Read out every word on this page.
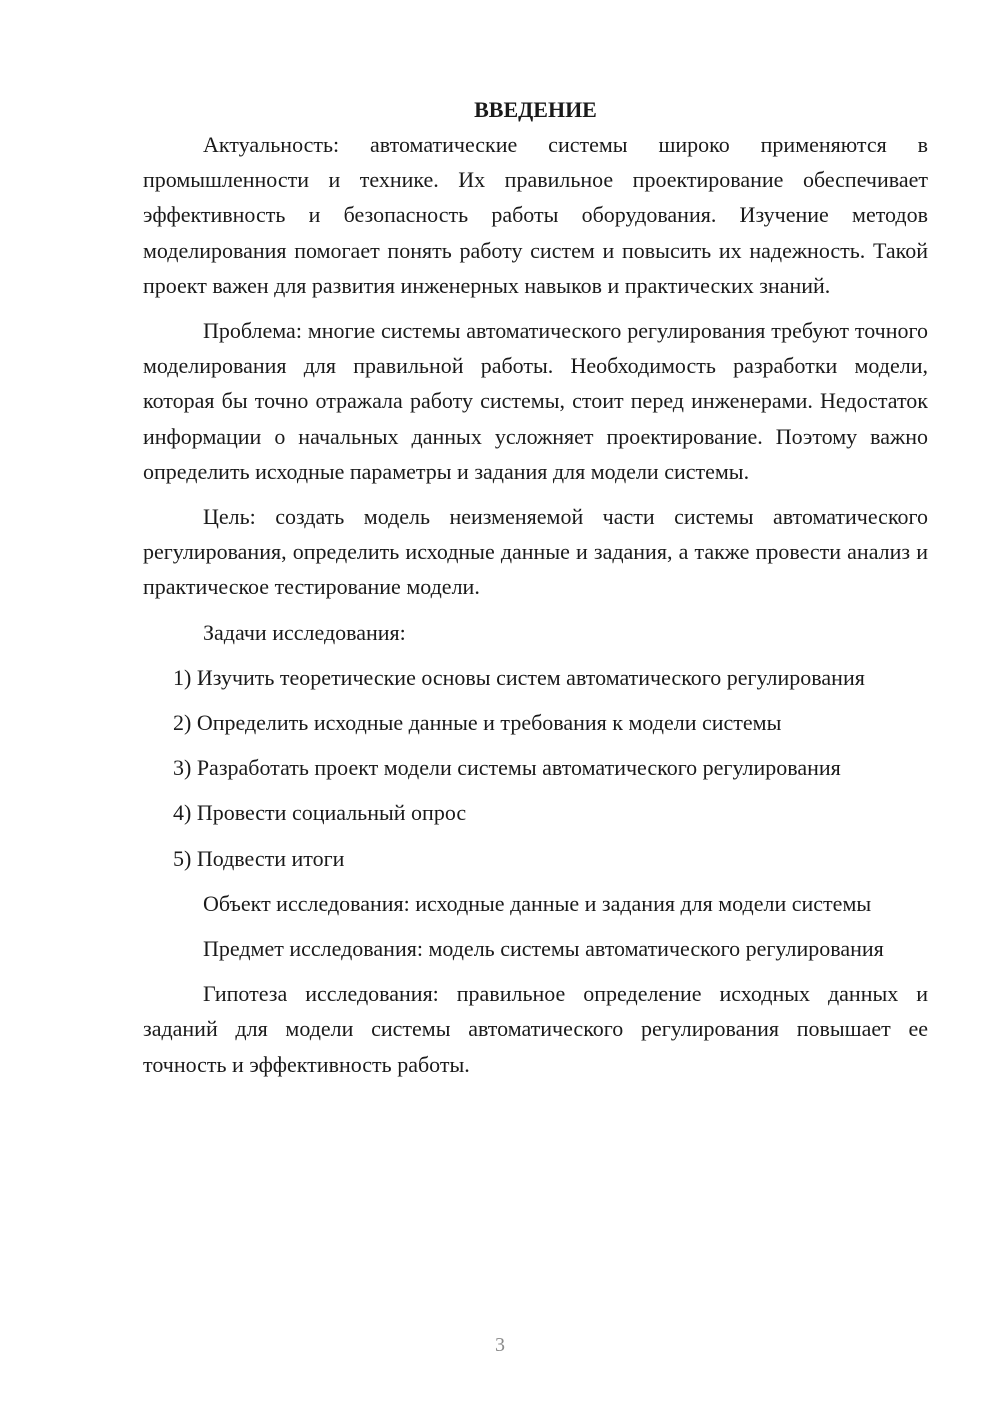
ВВЕДЕНИЕ

Актуальность: автоматические системы широко применяются в промышленности и технике. Их правильное проектирование обеспечивает эффективность и безопасность работы оборудования. Изучение методов моделирования помогает понять работу систем и повысить их надежность. Такой проект важен для развития инженерных навыков и практических знаний.

Проблема: многие системы автоматического регулирования требуют точного моделирования для правильной работы. Необходимость разработки модели, которая бы точно отражала работу системы, стоит перед инженерами. Недостаток информации о начальных данных усложняет проектирование. Поэтому важно определить исходные параметры и задания для модели системы.

Цель: создать модель неизменяемой части системы автоматического регулирования, определить исходные данные и задания, а также провести анализ и практическое тестирование модели.

Задачи исследования:

1) Изучить теоретические основы систем автоматического регулирования

2) Определить исходные данные и требования к модели системы

3) Разработать проект модели системы автоматического регулирования

4) Провести социальный опрос

5) Подвести итоги

Объект исследования: исходные данные и задания для модели системы

Предмет исследования: модель системы автоматического регулирования

Гипотеза исследования: правильное определение исходных данных и заданий для модели системы автоматического регулирования повышает ее точность и эффективность работы.

3
